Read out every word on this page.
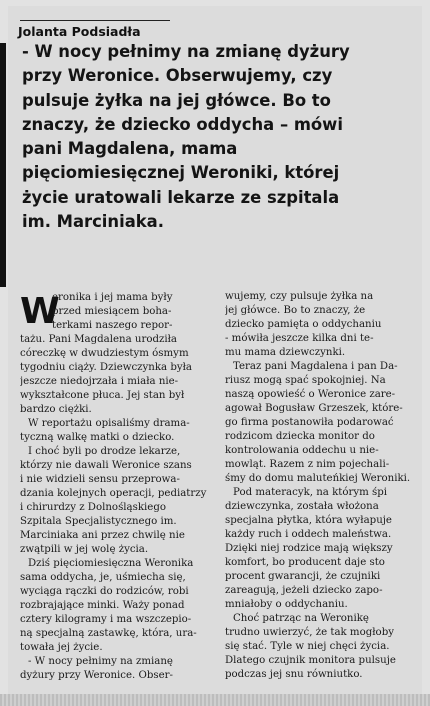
Jolanta Podsiadła
- W nocy pełnimy na zmianę dyżury
przy Weronice. Obserwujemy, czy
pulsuje żyłka na jej główce. Bo to
znaczy, że dziecko oddycha – mówi
pani Magdalena, mama
pięciomiesięcznej Weroniki, której
życie uratowali lekarze ze szpitala
im. Marciniaka.
W
eronika i jej mama były
przed miesiącem boha-
terkami naszego repor-
tażu. Pani Magdalena urodziła
córeczkę w dwudziestym ósmym
tygodniu ciąży. Dziewczynka była
jeszcze niedojrzała i miała nie-
wykształcone płuca. Jej stan był
bardzo ciężki.
W reportażu opisaliśmy drama-
tyczną walkę matki o dziecko.
I choć byli po drodze lekarze,
którzy nie dawali Weronice szans
i nie widzieli sensu przeprowa-
dzania kolejnych operacji, pediatrzy
i chirurdzy z Dolnośląskiego
Szpitala Specjalistycznego im.
Marciniaka ani przez chwilę nie
zwątpili w jej wolę życia.
Dziś pięciomiesięczna Weronika
sama oddycha, je, uśmiecha się,
wyciąga rączki do rodziców, robi
rozbrajające minki. Waży ponad
cztery kilogramy i ma wszczepio-
ną specjalną zastawkę, która, ura-
towała jej życie.
- W nocy pełnimy na zmianę
dyżury przy Weronice. Obser-
wujemy, czy pulsuje żyłka na
jej główce. Bo to znaczy, że
dziecko pamięta o oddychaniu
- mówiła jeszcze kilka dni te-
mu mama dziewczynki.
Teraz pani Magdalena i pan Da-
riusz mogą spać spokojniej. Na
naszą opowieść o Weronice zare-
agował Bogusław Grzeszek, które-
go firma postanowiła podarować
rodzicom dziecka monitor do
kontrolowania oddechu u nie-
mowląt. Razem z nim pojechali-
śmy do domu maluteńkiej Weroniki.
Pod materacyk, na którym śpi
dziewczynka, została włożona
specjalna płytka, która wyłapuje
każdy ruch i oddech maleństwa.
Dzięki niej rodzice mają większy
komfort, bo producent daje sto
procent gwarancji, że czujniki
zareagują, jeżeli dziecko zapo-
mniałoby o oddychaniu.
Choć patrząc na Weronikę
trudno uwierzyć, że tak mogłoby
się stać. Tyle w niej chęci życia.
Dlatego czujnik monitora pulsuje
podczas jej snu równiutko.
